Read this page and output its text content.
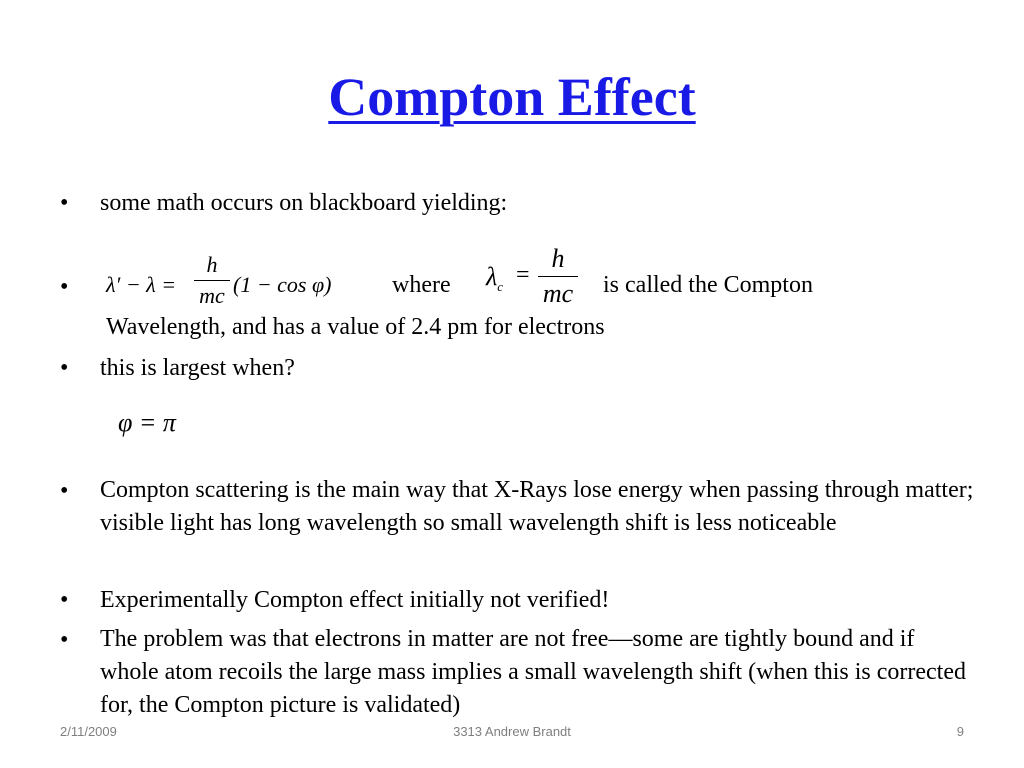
Compton Effect
• some math occurs on blackboard yielding:
• λ′ − λ =
h
mc (1 − cos φ)	where $\lambda_c$ =
h
mc is called the Compton
Wavelength, and has a value of 2.4 pm for electrons
• this is largest when?
φ = π
• Compton scattering is the main way that X-Rays lose energy when passing through matter; visible light has long wavelength so small wavelength shift is less noticeable
• Experimentally Compton effect initially not verified!
• The problem was that electrons in matter are not free—some are tightly bound and if whole atom recoils the large mass implies a small wavelength shift (when this is corrected for, the Compton picture is validated)
2/11/2009	3313 Andrew Brandt	9
